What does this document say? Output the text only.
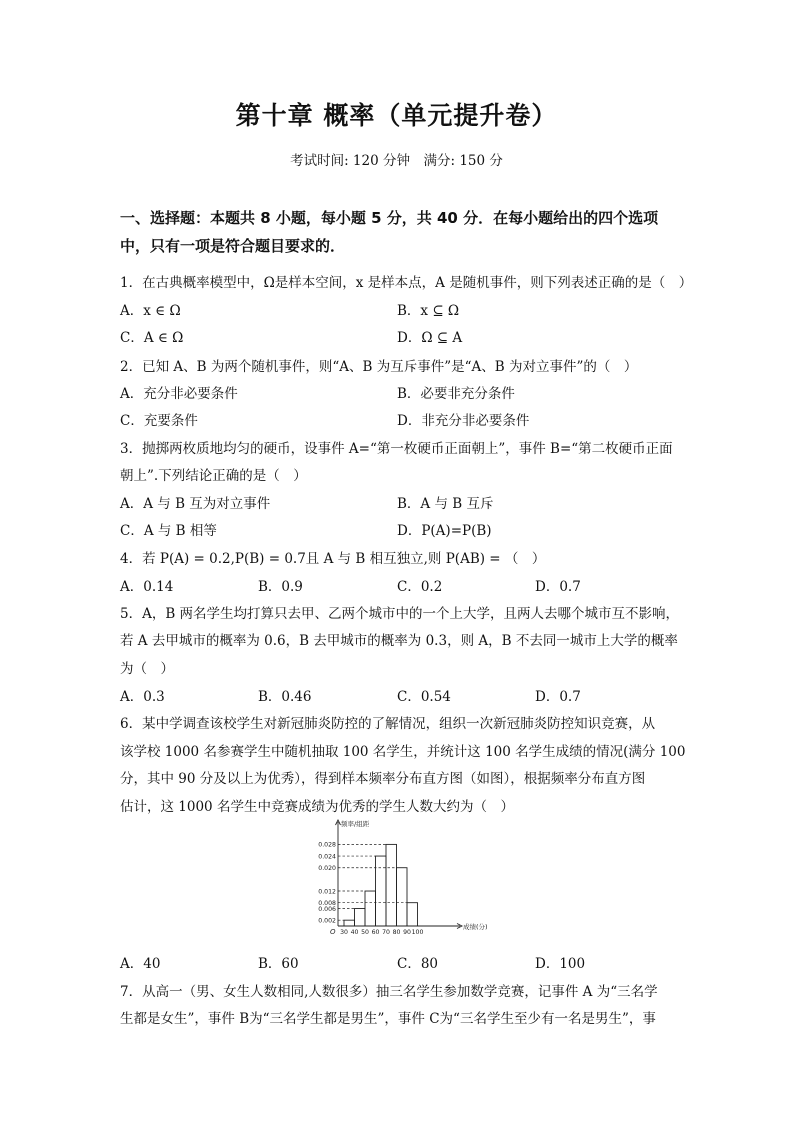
第十章 概率（单元提升卷）
考试时间: 120 分钟　满分: 150 分
一、选择题：本题共 8 小题，每小题 5 分，共 40 分．在每小题给出的四个选项
中，只有一项是符合题目要求的．
1．在古典概率模型中，Ω是样本空间，x 是样本点，A 是随机事件，则下列表述正确的是（　）
A．x ∈ Ω	B．x ⊆ Ω
C．A ∈ Ω	D．Ω ⊆ A
2．已知 A、B 为两个随机事件，则“A、B 为互斥事件”是“A、B 为对立事件”的（　）
A．充分非必要条件	B．必要非充分条件
C．充要条件	D．非充分非必要条件
3．抛掷两枚质地均匀的硬币，设事件 A=“第一枚硬币正面朝上”，事件 B=“第二枚硬币正面
朝上”.下列结论正确的是（　）
A．A 与 B 互为对立事件	B．A 与 B 互斥
C．A 与 B 相等	D．P(A)=P(B)
4．若 P(A) = 0.2,P(B) = 0.7且 A 与 B 相互独立,则 P(AB) = （　）
A．0.14	B．0.9	C．0.2	D．0.7
5．A，B 两名学生均打算只去甲、乙两个城市中的一个上大学，且两人去哪个城市互不影响，
若 A 去甲城市的概率为 0.6，B 去甲城市的概率为 0.3，则 A，B 不去同一城市上大学的概率
为（　）
A．0.3	B．0.46	C．0.54	D．0.7
6．某中学调查该校学生对新冠肺炎防控的了解情况，组织一次新冠肺炎防控知识竞赛，从
该学校 1000 名参赛学生中随机抽取 100 名学生，并统计这 100 名学生成绩的情况(满分 100
分，其中 90 分及以上为优秀），得到样本频率分布直方图（如图），根据频率分布直方图
估计，这 1000 名学生中竞赛成绩为优秀的学生人数大约为（　）
频率/组距
成绩(分)
O
0.002
0.006
0.008
0.012
0.020
0.024
0.028
30 40 50 60 70 80 90 100
A．40	B．60	C．80	D．100
7．从高一（男、女生人数相同,人数很多）抽三名学生参加数学竞赛，记事件 A 为“三名学
生都是女生”，事件 B为“三名学生都是男生”，事件 C为“三名学生至少有一名是男生”，事
